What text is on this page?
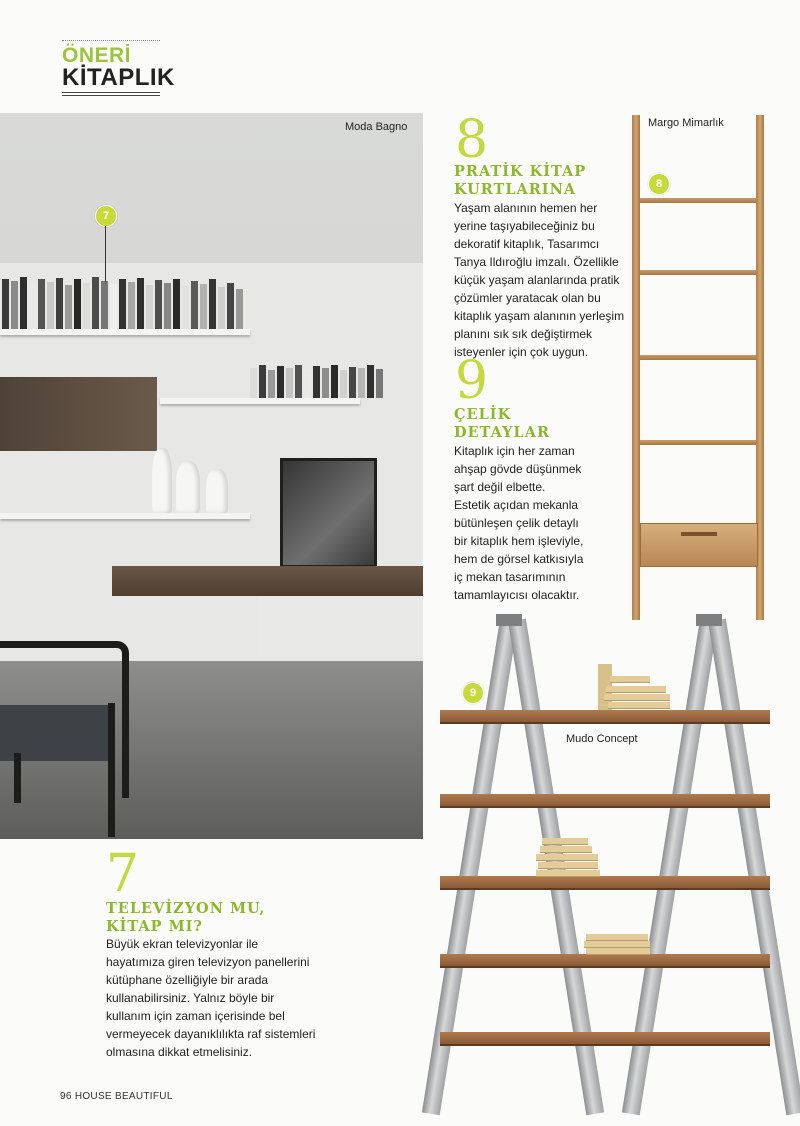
ÖNERİ
KİTAPLIK
Moda Bagno
7
8
PRATİK KİTAP
KURTLARINA
Yaşam alanının hemen her
yerine taşıyabileceğiniz bu
dekoratif kitaplık, Tasarımcı
Tanya Ildıroğlu imzalı. Özellikle
küçük yaşam alanlarında pratik
çözümler yaratacak olan bu
kitaplık yaşam alanının yerleşim
planını sık sık değiştirmek
isteyenler için çok uygun.
9
ÇELİK
DETAYLAR
Kitaplık için her zaman
ahşap gövde düşünmek
şart değil elbette.
Estetik açıdan mekanla
bütünleşen çelik detaylı
bir kitaplık hem işleviyle,
hem de görsel katkısıyla
iç mekan tasarımının
tamamlayıcısı olacaktır.
Margo Mimarlık
8
9
Mudo Concept
7
TELEVİZYON MU,
KİTAP MI?
Büyük ekran televizyonlar ile
hayatımıza giren televizyon panellerini
kütüphane özelliğiyle bir arada
kullanabilirsiniz. Yalnız böyle bir
kullanım için zaman içerisinde bel
vermeyecek dayanıklılıkta raf sistemleri
olmasına dikkat etmelisiniz.
96 HOUSE BEAUTIFUL
